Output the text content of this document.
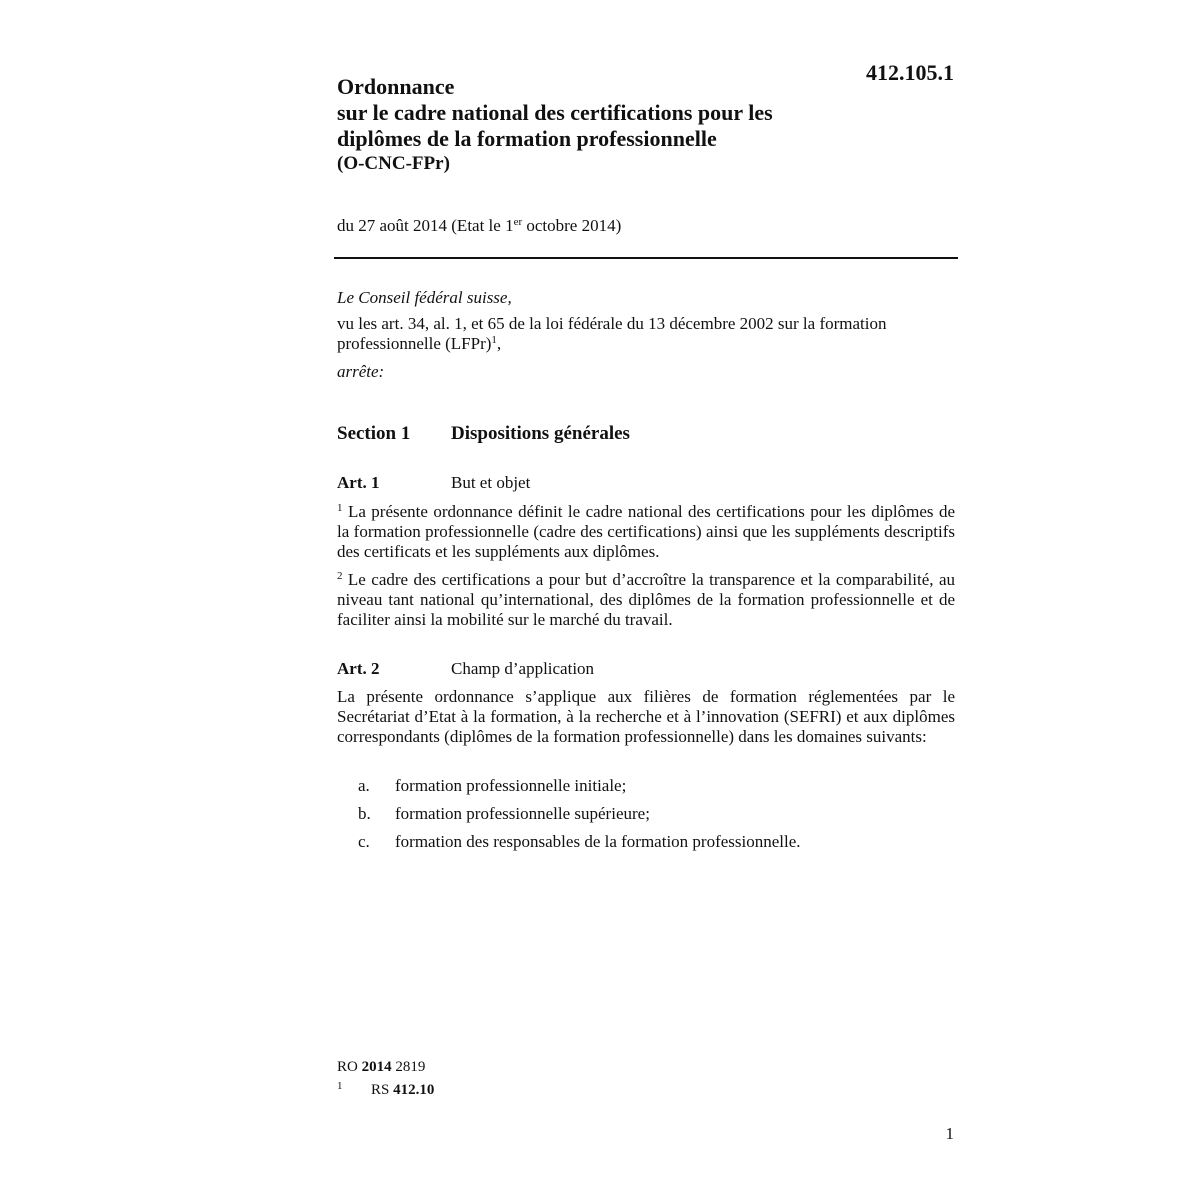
412.105.1
Ordonnance
sur le cadre national des certifications pour les
diplômes de la formation professionnelle
(O-CNC-FPr)
du 27 août 2014 (Etat le 1er octobre 2014)
Le Conseil fédéral suisse,
vu les art. 34, al. 1, et 65 de la loi fédérale du 13 décembre 2002 sur la formation professionnelle (LFPr)$^1$,
arrête:
Section 1 Dispositions générales
Art. 1	But et objet
$^1$ La présente ordonnance définit le cadre national des certifications pour les diplômes de la formation professionnelle (cadre des certifications) ainsi que les suppléments descriptifs des certificats et les suppléments aux diplômes.
$^2$ Le cadre des certifications a pour but d’accroître la transparence et la comparabilité, au niveau tant national qu’international, des diplômes de la formation professionnelle et de faciliter ainsi la mobilité sur le marché du travail.
Art. 2	Champ d’application
La présente ordonnance s’applique aux filières de formation réglementées par le Secrétariat d’Etat à la formation, à la recherche et à l’innovation (SEFRI) et aux diplômes correspondants (diplômes de la formation professionnelle) dans les domaines suivants:
a. formation professionnelle initiale;
b. formation professionnelle supérieure;
c. formation des responsables de la formation professionnelle.
RO 2014 2819
1 RS 412.10
1
